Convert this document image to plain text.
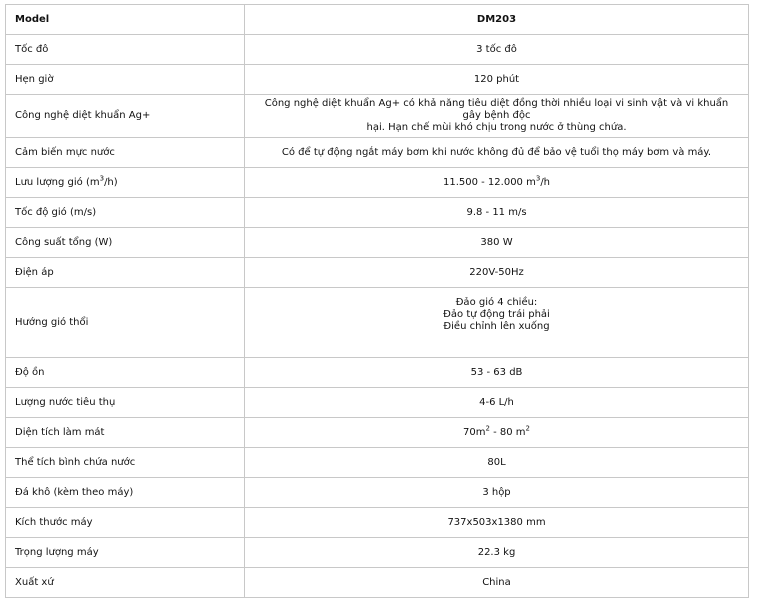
Model	DM203
Tốc đô	3 tốc đô
Hẹn giờ	120 phút
Công nghệ diệt khuẩn Ag+	Công nghệ diệt khuẩn Ag+ có khả năng tiêu diệt đồng thời nhiều loại vi sinh vật và vi khuẩn gây bệnh độc
hại. Hạn chế mùi khó chịu trong nước ở thùng chứa.

Cảm biến mực nước	Có để tự động ngắt máy bơm khi nước không đủ để bảo vệ tuổi thọ máy bơm và máy.
Lưu lượng gió $(m^3/h)$	11.500 - 12.000 $m^3/h$
Tốc độ gió (m/s)	9.8 - 11 m/s
Công suất tổng (W)	380 W
Điện áp	220V-50Hz
Hướng gió thổi	Đảo gió 4 chiều:
Đảo tự động trái phải
Điều chỉnh lên xuống

Độ ồn	53 - 63 dB
Lượng nước tiêu thụ	4-6 L/h
Diện tích làm mát	$70m^2 - 80$ $m^2$
Thể tích bình chứa nước	80L
Đá khô (kèm theo máy)	3 hộp
Kích thước máy	737x503x1380 mm
Trọng lượng máy	22.3 kg
Xuất xứ	China
